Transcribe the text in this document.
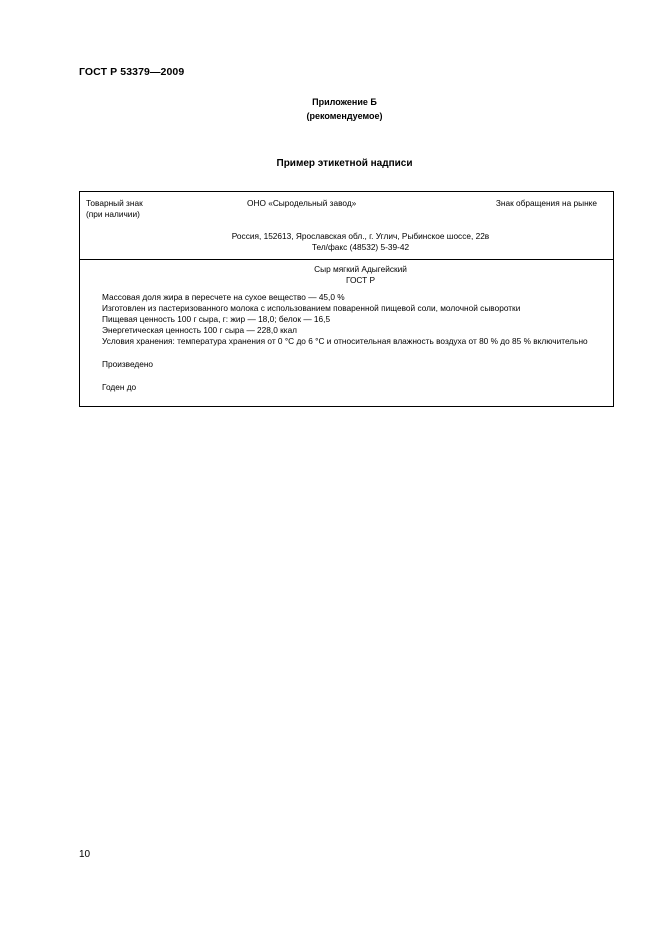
ГОСТ Р 53379—2009
Приложение Б
(рекомендуемое)
Пример этикетной надписи
Товарный знак
(при наличии)
ОНО «Сыродельный завод»	Знак обращения на рынке
Россия, 152613, Ярославская обл., г. Углич, Рыбинское шоссе, 22в
Тел/факс (48532) 5-39-42
Сыр мягкий Адыгейский
ГОСТ Р
Массовая доля жира в пересчете на сухое вещество — 45,0 %
Изготовлен из пастеризованного молока с использованием поваренной пищевой соли, молочной сыворотки
Пищевая ценность 100 г сыра, г: жир — 18,0; белок — 16,5
Энергетическая ценность 100 г сыра — 228,0 ккал
Условия хранения: температура хранения от 0 °С до 6 °С и относительная влажность воздуха от 80 % до 85 % включительно
Произведено
Годен до
10
